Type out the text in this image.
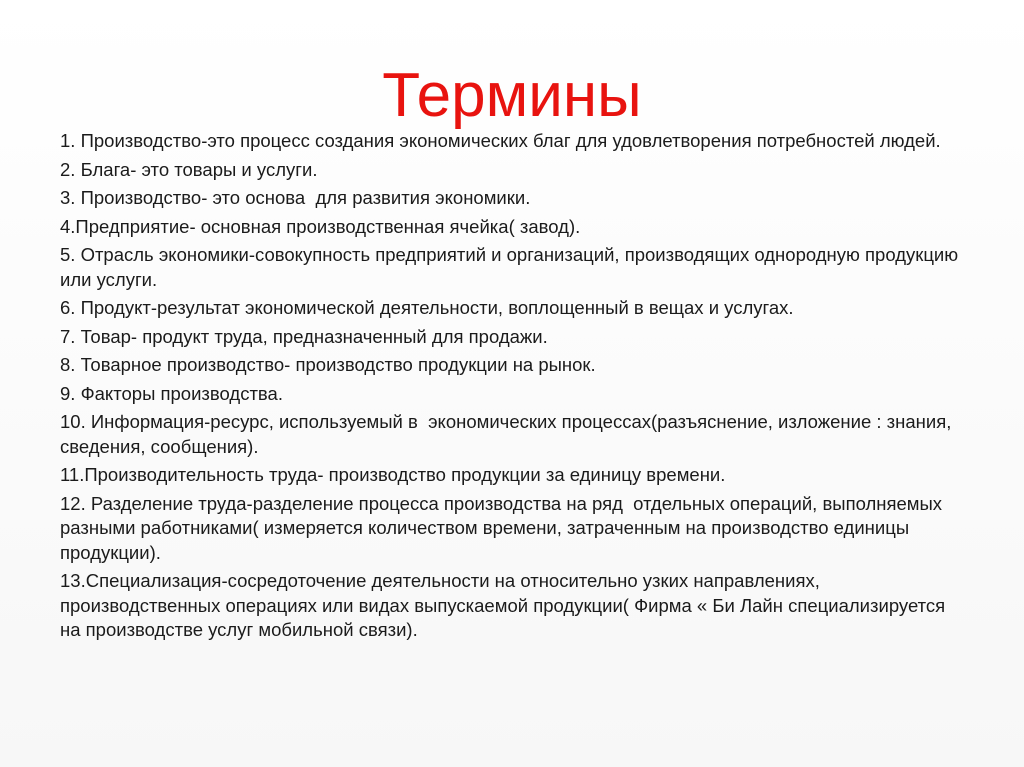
Термины
1. Производство-это процесс создания экономических благ для удовлетворения потребностей людей.
2. Блага- это товары и услуги.
3. Производство- это основа  для развития экономики.
4.Предприятие- основная производственная ячейка( завод).
5. Отрасль экономики-совокупность предприятий и организаций, производящих однородную продукцию или услуги.
6. Продукт-результат экономической деятельности, воплощенный в вещах и услугах.
7. Товар- продукт труда, предназначенный для продажи.
8. Товарное производство- производство продукции на рынок.
9. Факторы производства.
10. Информация-ресурс, используемый в  экономических процессах(разъяснение, изложение : знания, сведения, сообщения).
11.Производительность труда- производство продукции за единицу времени.
12. Разделение труда-разделение процесса производства на ряд  отдельных операций, выполняемых разными работниками( измеряется количеством времени, затраченным на производство единицы продукции).
13.Специализация-сосредоточение деятельности на относительно узких направлениях, производственных операциях или видах выпускаемой продукции( Фирма « Би Лайн специализируется на производстве услуг мобильной связи).
